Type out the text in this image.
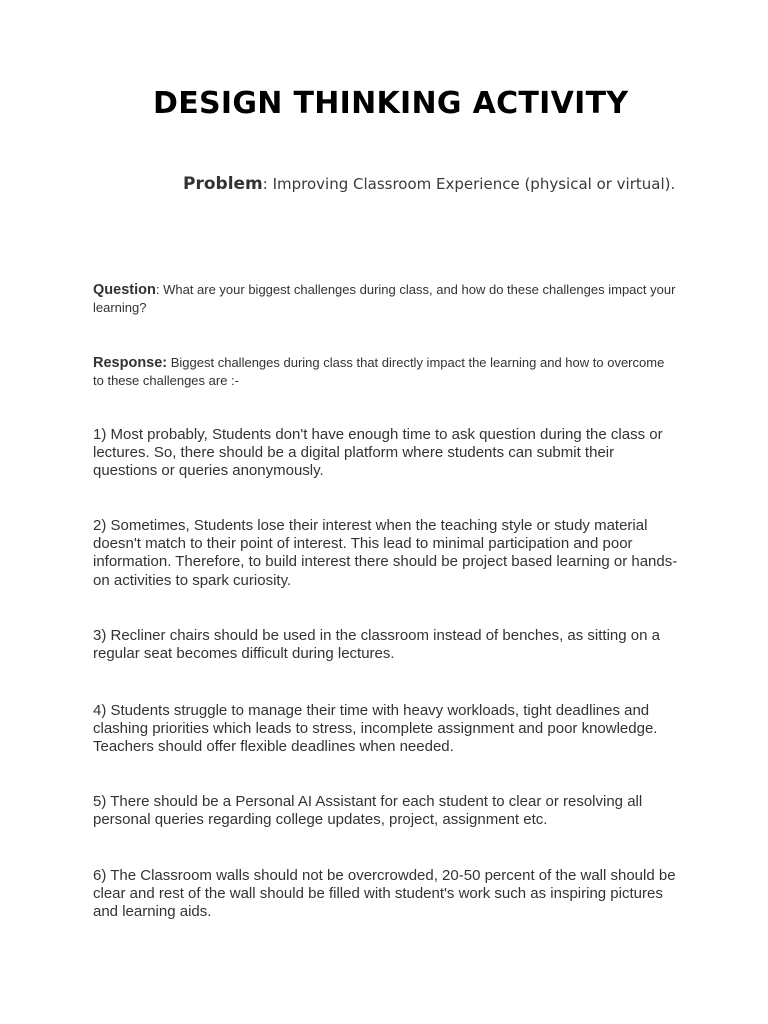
DESIGN THINKING ACTIVITY

Problem: Improving Classroom Experience (physical or virtual).

Question: What are your biggest challenges during class, and how do these challenges impact your learning?

Response: Biggest challenges during class that directly impact the learning and how to overcome to these challenges are :-

1) Most probably, Students don't have enough time to ask question during the class or lectures. So, there should be a digital platform where students can submit their questions or queries anonymously.

2) Sometimes, Students lose their interest when the teaching style or study material doesn't match to their point of interest. This lead to minimal participation and poor information. Therefore, to build interest there should be project based learning or hands-on activities to spark curiosity.

3) Recliner chairs should be used in the classroom instead of benches, as sitting on a regular seat becomes difficult during lectures.

4) Students struggle to manage their time with heavy workloads, tight deadlines and clashing priorities which leads to stress, incomplete assignment and poor knowledge. Teachers should offer flexible deadlines when needed.

5) There should be a Personal AI Assistant for each student to clear or resolving all personal queries regarding college updates, project, assignment etc.

6) The Classroom walls should not be overcrowded, 20-50 percent of the wall should be clear and rest of the wall should be filled with student's work such as inspiring pictures and learning aids.
